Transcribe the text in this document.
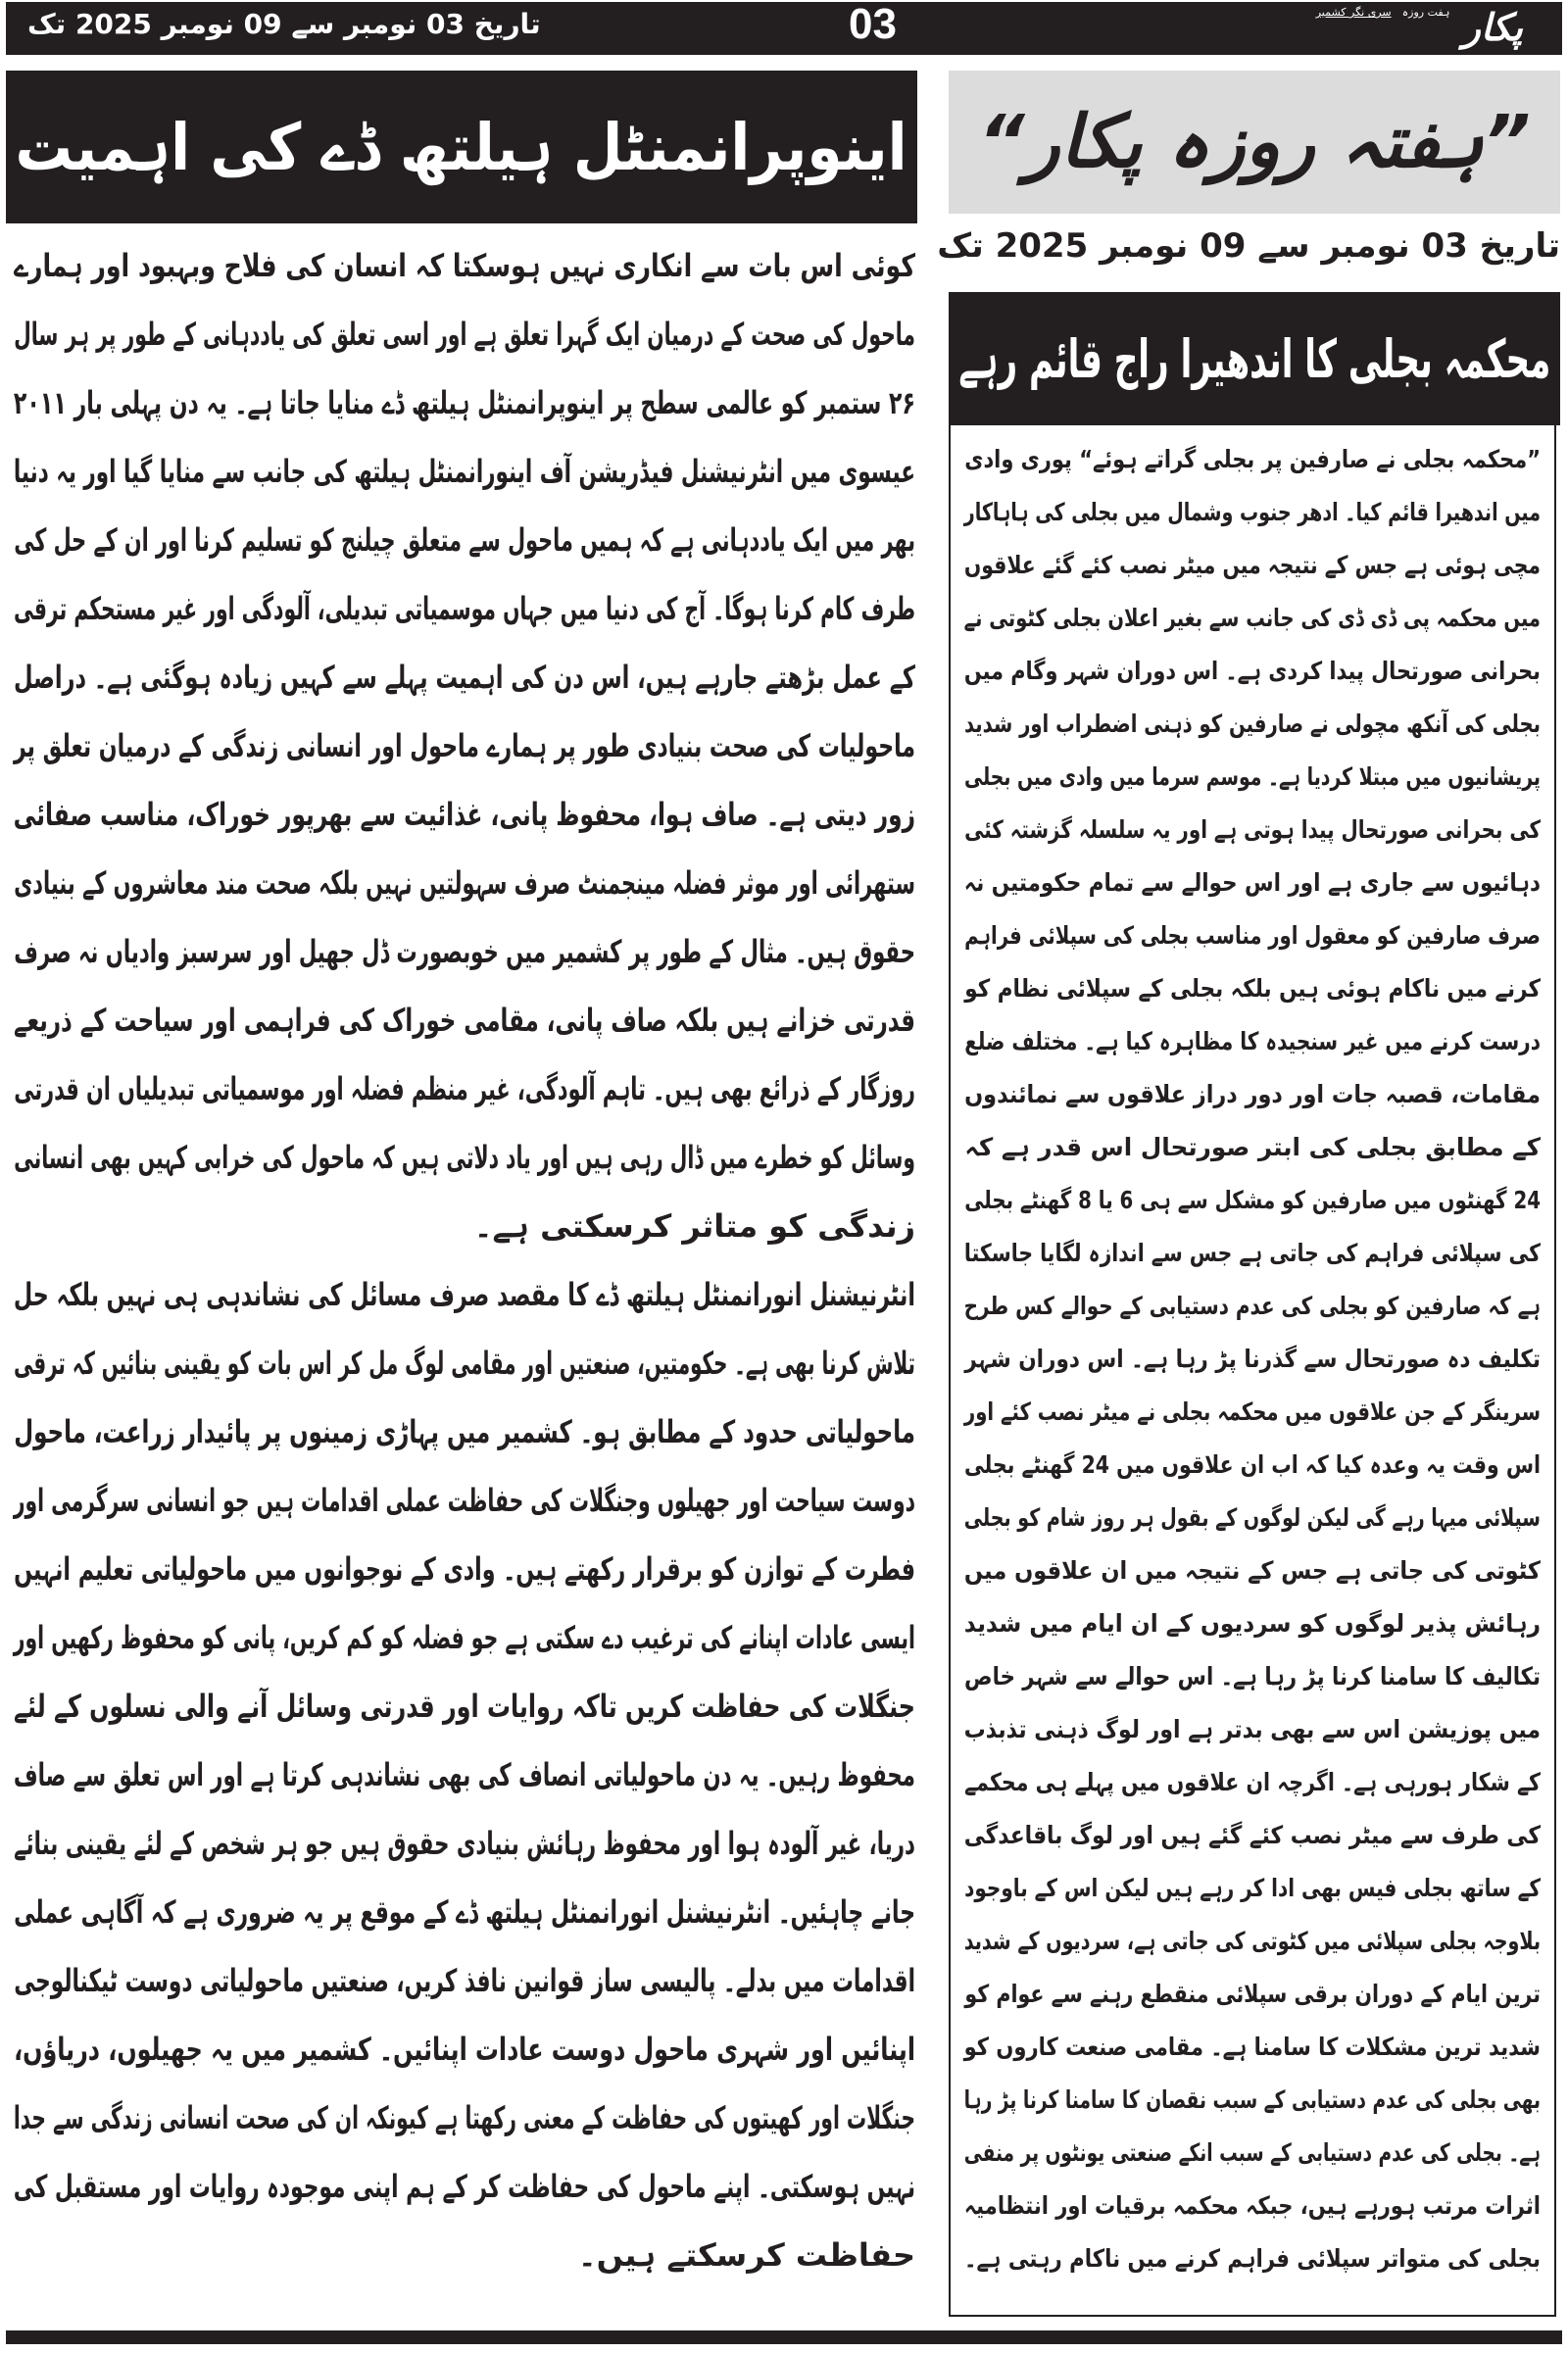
تاریخ 03 نومبر سے 09 نومبر 2025 تک	03	پکار $^{ہفت روزہ}$ $^{سری نگر کشمیر}$
اینوپرانمنٹل ہیلتھ ڈے کی اہمیت ”ہفتہ روزہ پکار“
تاریخ 03 نومبر سے 09 نومبر 2025 تک
محکمہ بجلی کا اندھیرا راج قائم رہے
کوئی اس بات سے انکاری نہیں ہوسکتا کہ انسان کی فلاح وبہبود اور ہمارے
ماحول کی صحت کے درمیان ایک گہرا تعلق ہے اور اسی تعلق کی یاددہانی کے طور پر ہر سال
۲۶ ستمبر کو عالمی سطح پر اینوپرانمنٹل ہیلتھ ڈے منایا جاتا ہے۔ یہ دن پہلی بار ۲۰۱۱
عیسوی میں انٹرنیشنل فیڈریشن آف اینورانمنٹل ہیلتھ کی جانب سے منایا گیا اور یہ دنیا
بھر میں ایک یاددہانی ہے کہ ہمیں ماحول سے متعلق چیلنج کو تسلیم کرنا اور ان کے حل کی
طرف کام کرنا ہوگا۔ آج کی دنیا میں جہاں موسمیاتی تبدیلی، آلودگی اور غیر مستحکم ترقی
کے عمل بڑھتے جارہے ہیں، اس دن کی اہمیت پہلے سے کہیں زیادہ ہوگئی ہے۔ دراصل
ماحولیات کی صحت بنیادی طور پر ہمارے ماحول اور انسانی زندگی کے درمیان تعلق پر
زور دیتی ہے۔ صاف ہوا، محفوظ پانی، غذائیت سے بھرپور خوراک، مناسب صفائی
ستھرائی اور موثر فضلہ مینجمنٹ صرف سہولتیں نہیں بلکہ صحت مند معاشروں کے بنیادی
حقوق ہیں۔ مثال کے طور پر کشمیر میں خوبصورت ڈل جھیل اور سرسبز وادیاں نہ صرف
قدرتی خزانے ہیں بلکہ صاف پانی، مقامی خوراک کی فراہمی اور سیاحت کے ذریعے
روزگار کے ذرائع بھی ہیں۔ تاہم آلودگی، غیر منظم فضلہ اور موسمیاتی تبدیلیاں ان قدرتی
وسائل کو خطرے میں ڈال رہی ہیں اور یاد دلاتی ہیں کہ ماحول کی خرابی کہیں بھی انسانی
زندگی کو متاثر کرسکتی ہے۔
انٹرنیشنل انورانمنٹل ہیلتھ ڈے کا مقصد صرف مسائل کی نشاندہی ہی نہیں بلکہ حل
تلاش کرنا بھی ہے۔ حکومتیں، صنعتیں اور مقامی لوگ مل کر اس بات کو یقینی بنائیں کہ ترقی
ماحولیاتی حدود کے مطابق ہو۔ کشمیر میں پہاڑی زمینوں پر پائیدار زراعت، ماحول
دوست سیاحت اور جھیلوں وجنگلات کی حفاظت عملی اقدامات ہیں جو انسانی سرگرمی اور
فطرت کے توازن کو برقرار رکھتے ہیں۔ وادی کے نوجوانوں میں ماحولیاتی تعلیم انہیں
ایسی عادات اپنانے کی ترغیب دے سکتی ہے جو فضلہ کو کم کریں، پانی کو محفوظ رکھیں اور
جنگلات کی حفاظت کریں تاکہ روایات اور قدرتی وسائل آنے والی نسلوں کے لئے
محفوظ رہیں۔ یہ دن ماحولیاتی انصاف کی بھی نشاندہی کرتا ہے اور اس تعلق سے صاف
دریا، غیر آلودہ ہوا اور محفوظ رہائش بنیادی حقوق ہیں جو ہر شخص کے لئے یقینی بنائے
جانے چاہئیں۔ انٹرنیشنل انورانمنٹل ہیلتھ ڈے کے موقع پر یہ ضروری ہے کہ آگاہی عملی
اقدامات میں بدلے۔ پالیسی ساز قوانین نافذ کریں، صنعتیں ماحولیاتی دوست ٹیکنالوجی
اپنائیں اور شہری ماحول دوست عادات اپنائیں۔ کشمیر میں یہ جھیلوں، دریاؤں،
جنگلات اور کھیتوں کی حفاظت کے معنی رکھتا ہے کیونکہ ان کی صحت انسانی زندگی سے جدا
نہیں ہوسکتی۔ اپنے ماحول کی حفاظت کر کے ہم اپنی موجودہ روایات اور مستقبل کی
حفاظت کرسکتے ہیں۔
”محکمہ بجلی نے صارفین پر بجلی گراتے ہوئے“ پوری وادی
میں اندھیرا قائم کیا۔ ادھر جنوب وشمال میں بجلی کی ہاہاکار
مچی ہوئی ہے جس کے نتیجہ میں میٹر نصب کئے گئے علاقوں
میں محکمہ پی ڈی ڈی کی جانب سے بغیر اعلان بجلی کٹوتی نے
بحرانی صورتحال پیدا کردی ہے۔ اس دوران شہر وگام میں
بجلی کی آنکھ مچولی نے صارفین کو ذہنی اضطراب اور شدید
پریشانیوں میں مبتلا کردیا ہے۔ موسم سرما میں وادی میں بجلی
کی بحرانی صورتحال پیدا ہوتی ہے اور یہ سلسلہ گزشتہ کئی
دہائیوں سے جاری ہے اور اس حوالے سے تمام حکومتیں نہ
صرف صارفین کو معقول اور مناسب بجلی کی سپلائی فراہم
کرنے میں ناکام ہوئی ہیں بلکہ بجلی کے سپلائی نظام کو
درست کرنے میں غیر سنجیدہ کا مظاہرہ کیا ہے۔ مختلف ضلع
مقامات، قصبہ جات اور دور دراز علاقوں سے نمائندوں
کے مطابق بجلی کی ابتر صورتحال اس قدر ہے کہ
24 گھنٹوں میں صارفین کو مشکل سے ہی 6 یا 8 گھنٹے بجلی
کی سپلائی فراہم کی جاتی ہے جس سے اندازہ لگایا جاسکتا
ہے کہ صارفین کو بجلی کی عدم دستیابی کے حوالے کس طرح
تکلیف دہ صورتحال سے گذرنا پڑ رہا ہے۔ اس دوران شہر
سرینگر کے جن علاقوں میں محکمہ بجلی نے میٹر نصب کئے اور
اس وقت یہ وعدہ کیا کہ اب ان علاقوں میں 24 گھنٹے بجلی
سپلائی میہا رہے گی لیکن لوگوں کے بقول ہر روز شام کو بجلی
کٹوتی کی جاتی ہے جس کے نتیجہ میں ان علاقوں میں
رہائش پذیر لوگوں کو سردیوں کے ان ایام میں شدید
تکالیف کا سامنا کرنا پڑ رہا ہے۔ اس حوالے سے شہر خاص
میں پوزیشن اس سے بھی بدتر ہے اور لوگ ذہنی تذبذب
کے شکار ہورہی ہے۔ اگرچہ ان علاقوں میں پہلے ہی محکمے
کی طرف سے میٹر نصب کئے گئے ہیں اور لوگ باقاعدگی
کے ساتھ بجلی فیس بھی ادا کر رہے ہیں لیکن اس کے باوجود
بلاوجہ بجلی سپلائی میں کٹوتی کی جاتی ہے، سردیوں کے شدید
ترین ایام کے دوران برقی سپلائی منقطع رہنے سے عوام کو
شدید ترین مشکلات کا سامنا ہے۔ مقامی صنعت کاروں کو
بھی بجلی کی عدم دستیابی کے سبب نقصان کا سامنا کرنا پڑ رہا
ہے۔ بجلی کی عدم دستیابی کے سبب انکے صنعتی یونٹوں پر منفی
اثرات مرتب ہورہے ہیں، جبکہ محکمہ برقیات اور انتظامیہ
بجلی کی متواتر سپلائی فراہم کرنے میں ناکام رہتی ہے۔
